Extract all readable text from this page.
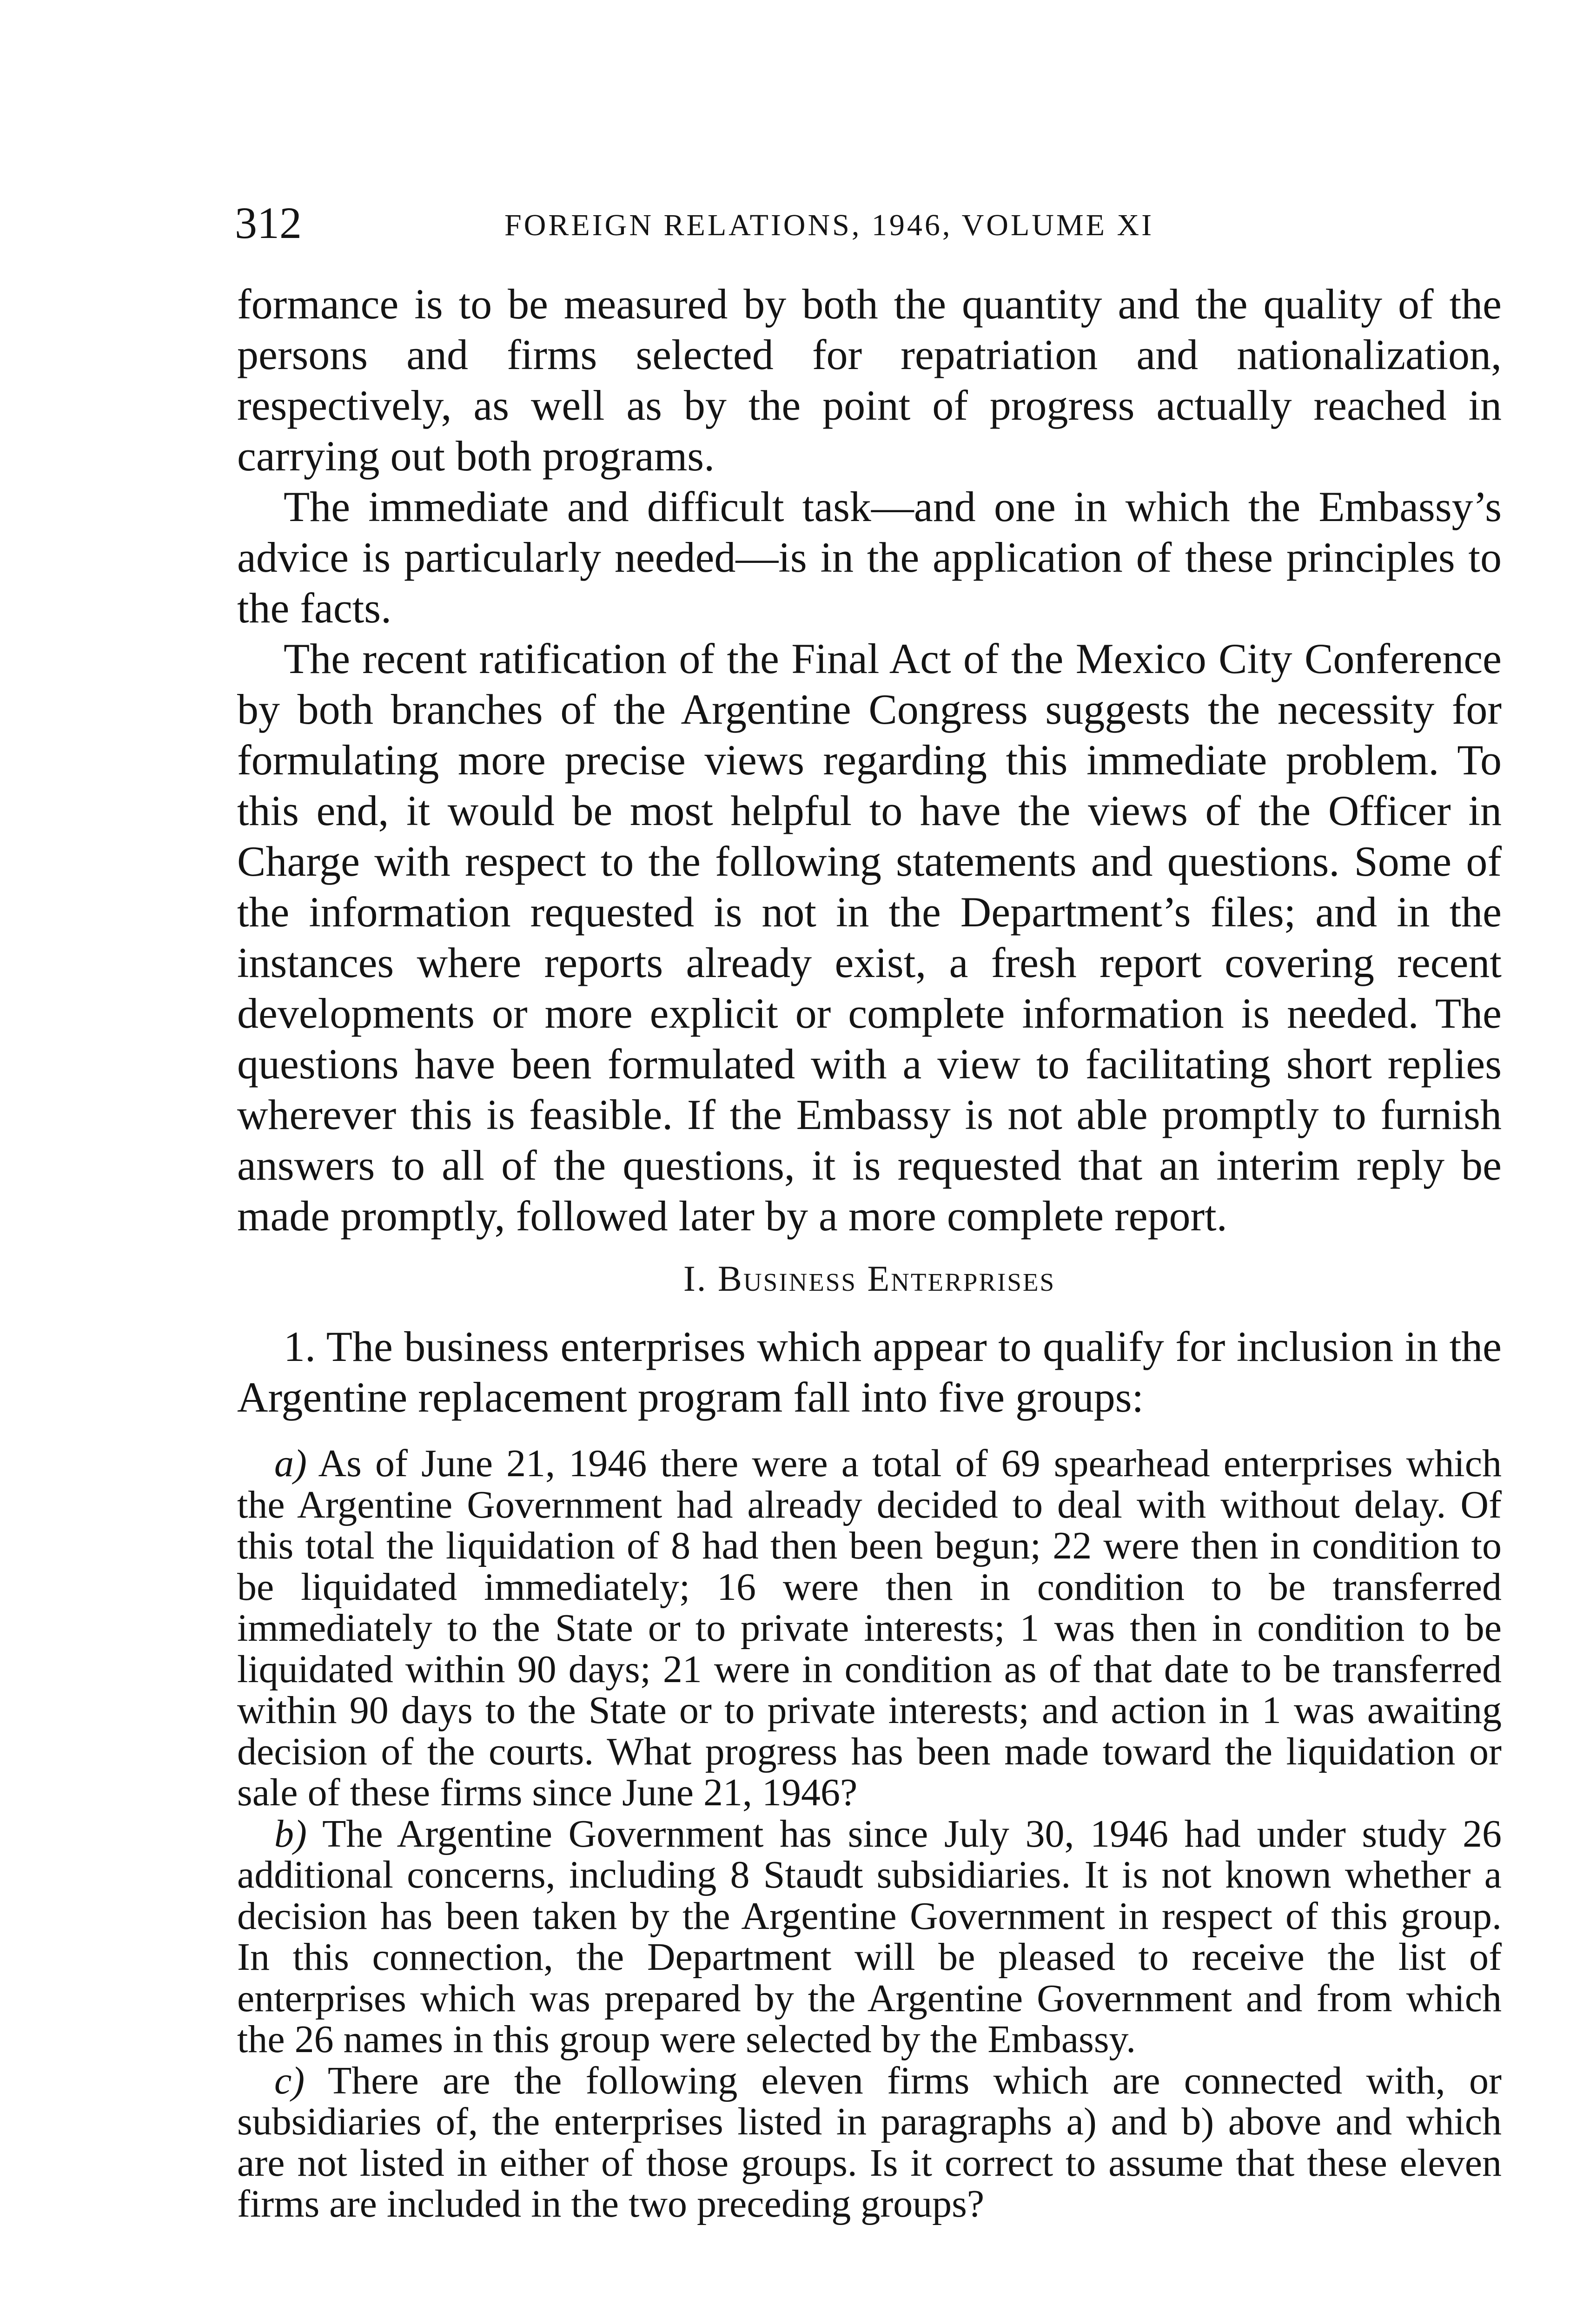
312	FOREIGN RELATIONS, 1946, VOLUME XI

formance is to be measured by both the quantity and the quality of the persons and firms selected for repatriation and nationalization, respectively, as well as by the point of progress actually reached in carrying out both programs.

The immediate and difficult task—and one in which the Embassy’s advice is particularly needed—is in the application of these principles to the facts.

The recent ratification of the Final Act of the Mexico City Conference by both branches of the Argentine Congress suggests the necessity for formulating more precise views regarding this immediate problem. To this end, it would be most helpful to have the views of the Officer in Charge with respect to the following statements and questions. Some of the information requested is not in the Department’s files; and in the instances where reports already exist, a fresh report covering recent developments or more explicit or complete information is needed. The questions have been formulated with a view to facilitating short replies wherever this is feasible. If the Embassy is not able promptly to furnish answers to all of the questions, it is requested that an interim reply be made promptly, followed later by a more complete report.

I. Business Enterprises

1. The business enterprises which appear to qualify for inclusion in the Argentine replacement program fall into five groups:

a) As of June 21, 1946 there were a total of 69 spearhead enterprises which the Argentine Government had already decided to deal with without delay. Of this total the liquidation of 8 had then been begun; 22 were then in condition to be liquidated immediately; 16 were then in condition to be transferred immediately to the State or to private interests; 1 was then in condition to be liquidated within 90 days; 21 were in condition as of that date to be transferred within 90 days to the State or to private interests; and action in 1 was awaiting decision of the courts. What progress has been made toward the liquidation or sale of these firms since June 21, 1946?

b) The Argentine Government has since July 30, 1946 had under study 26 additional concerns, including 8 Staudt subsidiaries. It is not known whether a decision has been taken by the Argentine Government in respect of this group. In this connection, the Department will be pleased to receive the list of enterprises which was prepared by the Argentine Government and from which the 26 names in this group were selected by the Embassy.

c) There are the following eleven firms which are connected with, or subsidiaries of, the enterprises listed in paragraphs a) and b) above and which are not listed in either of those groups. Is it correct to assume that these eleven firms are included in the two preceding groups?
